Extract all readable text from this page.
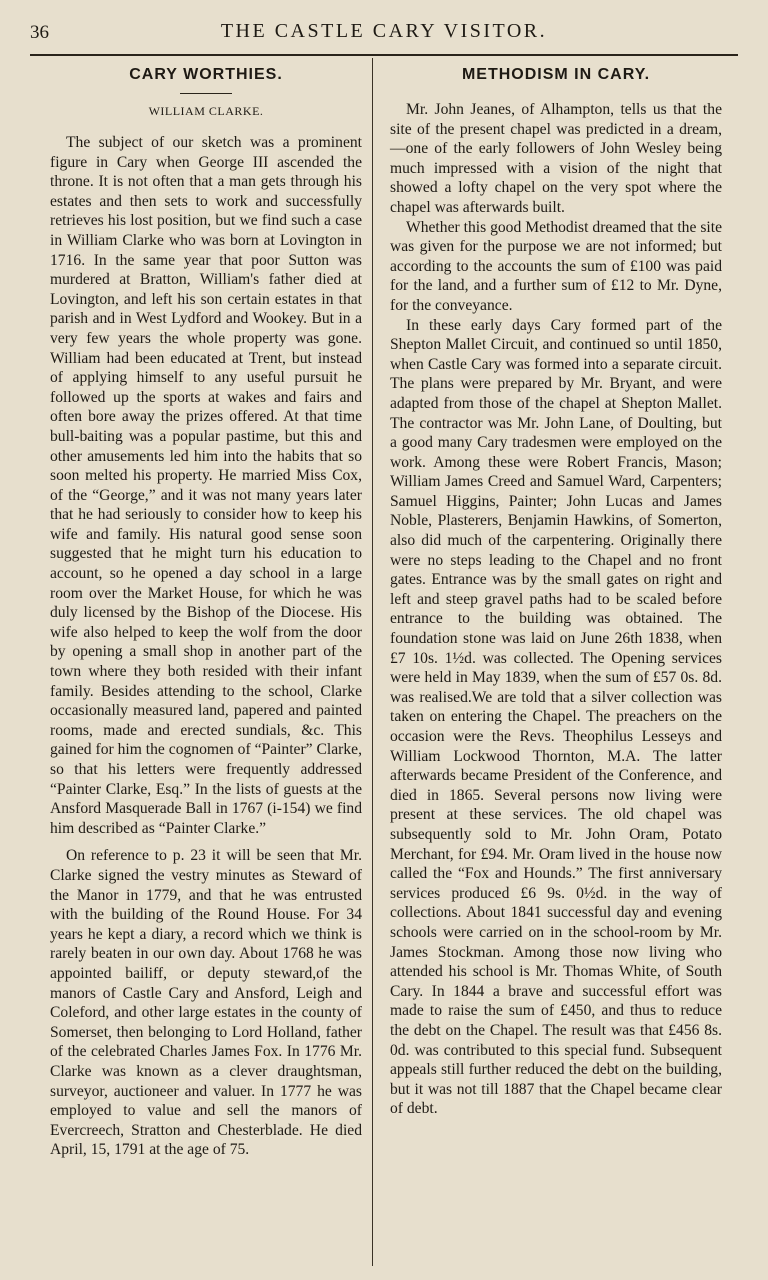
36	THE CASTLE CARY VISITOR.
CARY WORTHIES.
WILLIAM CLARKE.

The subject of our sketch was a prominent figure in Cary when George III ascended the throne. It is not often that a man gets through his estates and then sets to work and successfully retrieves his lost position, but we find such a case in William Clarke who was born at Lovington in 1716. In the same year that poor Sutton was murdered at Bratton, William's father died at Lovington, and left his son certain estates in that parish and in West Lydford and Wookey. But in a very few years the whole property was gone. William had been educated at Trent, but instead of applying himself to any useful pursuit he followed up the sports at wakes and fairs and often bore away the prizes offered. At that time bull-baiting was a popular pastime, but this and other amusements led him into the habits that so soon melted his property. He married Miss Cox, of the “George,” and it was not many years later that he had seriously to consider how to keep his wife and family. His natural good sense soon suggested that he might turn his education to account, so he opened a day school in a large room over the Market House, for which he was duly licensed by the Bishop of the Diocese. His wife also helped to keep the wolf from the door by opening a small shop in another part of the town where they both resided with their infant family. Besides attending to the school, Clarke occasionally measured land, papered and painted rooms, made and erected sundials, &c. This gained for him the cognomen of “Painter” Clarke, so that his letters were frequently addressed “Painter Clarke, Esq.” In the lists of guests at the Ansford Masquerade Ball in 1767 (i-154) we find him described as “Painter Clarke.”

On reference to p. 23 it will be seen that Mr. Clarke signed the vestry minutes as Steward of the Manor in 1779, and that he was entrusted with the building of the Round House. For 34 years he kept a diary, a record which we think is rarely beaten in our own day. About 1768 he was appointed bailiff, or deputy steward,of the manors of Castle Cary and Ansford, Leigh and Coleford, and other large estates in the county of Somerset, then belonging to Lord Holland, father of the celebrated Charles James Fox. In 1776 Mr. Clarke was known as a clever draughtsman, surveyor, auctioneer and valuer. In 1777 he was employed to value and sell the manors of Evercreech, Stratton and Chesterblade. He died April, 15, 1791 at the age of 75.

METHODISM IN CARY.

Mr. John Jeanes, of Alhampton, tells us that the site of the present chapel was predicted in a dream,—one of the early followers of John Wesley being much impressed with a vision of the night that showed a lofty chapel on the very spot where the chapel was afterwards built.

Whether this good Methodist dreamed that the site was given for the purpose we are not informed; but according to the accounts the sum of £100 was paid for the land, and a further sum of £12 to Mr. Dyne, for the conveyance.

In these early days Cary formed part of the Shepton Mallet Circuit, and continued so until 1850, when Castle Cary was formed into a separate circuit. The plans were prepared by Mr. Bryant, and were adapted from those of the chapel at Shepton Mallet. The contractor was Mr. John Lane, of Doulting, but a good many Cary tradesmen were employed on the work. Among these were Robert Francis, Mason; William James Creed and Samuel Ward, Carpenters; Samuel Higgins, Painter; John Lucas and James Noble, Plasterers, Benjamin Hawkins, of Somerton, also did much of the carpentering. Originally there were no steps leading to the Chapel and no front gates. Entrance was by the small gates on right and left and steep gravel paths had to be scaled before entrance to the building was obtained. The foundation stone was laid on June 26th 1838, when £7 10s. 1½d. was collected. The Opening services were held in May 1839, when the sum of £57 0s. 8d. was realised.We are told that a silver collection was taken on entering the Chapel. The preachers on the occasion were the Revs. Theophilus Lesseys and William Lockwood Thornton, M.A. The latter afterwards became President of the Conference, and died in 1865. Several persons now living were present at these services. The old chapel was subsequently sold to Mr. John Oram, Potato Merchant, for £94. Mr. Oram lived in the house now called the “Fox and Hounds.” The first anniversary services produced £6 9s. 0½d. in the way of collections. About 1841 successful day and evening schools were carried on in the school-room by Mr. James Stockman. Among those now living who attended his school is Mr. Thomas White, of South Cary. In 1844 a brave and successful effort was made to raise the sum of £450, and thus to reduce the debt on the Chapel. The result was that £456 8s. 0d. was contributed to this special fund. Subsequent appeals still further reduced the debt on the building, but it was not till 1887 that the Chapel became clear of debt.
